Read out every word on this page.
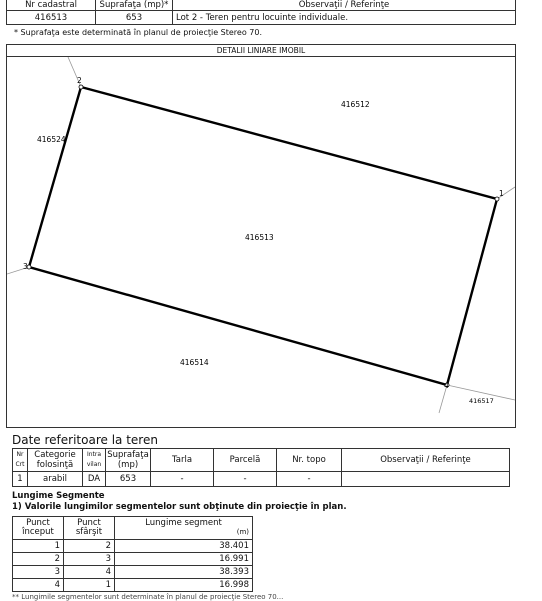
Nr cadastral	Suprafaţa (mp)*	Observaţii / Referinţe
416513	653	Lot 2 - Teren pentru locuinte individuale.
* Suprafaţa este determinată în planul de proiecţie Stereo 70.
DETALII LINIARE IMOBIL
1
2
3
4
416512
416524
416513
416514
416517
Date referitoare la teren
Nr Crt	Categorie folosinţă	Intra vilan	Suprafaţa (mp)	Tarla	Parcelă	Nr. topo	Observaţii / Referinţe
1	arabil	DA	653	-	-	-	
Lungime Segmente
1) Valorile lungimilor segmentelor sunt obţinute din proiecţie în plan.
Punct început	Punct sfârşit	Lungime segment
(m)

1	2	38.401
2	3	16.991
3	4	38.393
4	1	16.998
** Lungimile segmentelor sunt determinate în planul de proiecţie Stereo 70...
